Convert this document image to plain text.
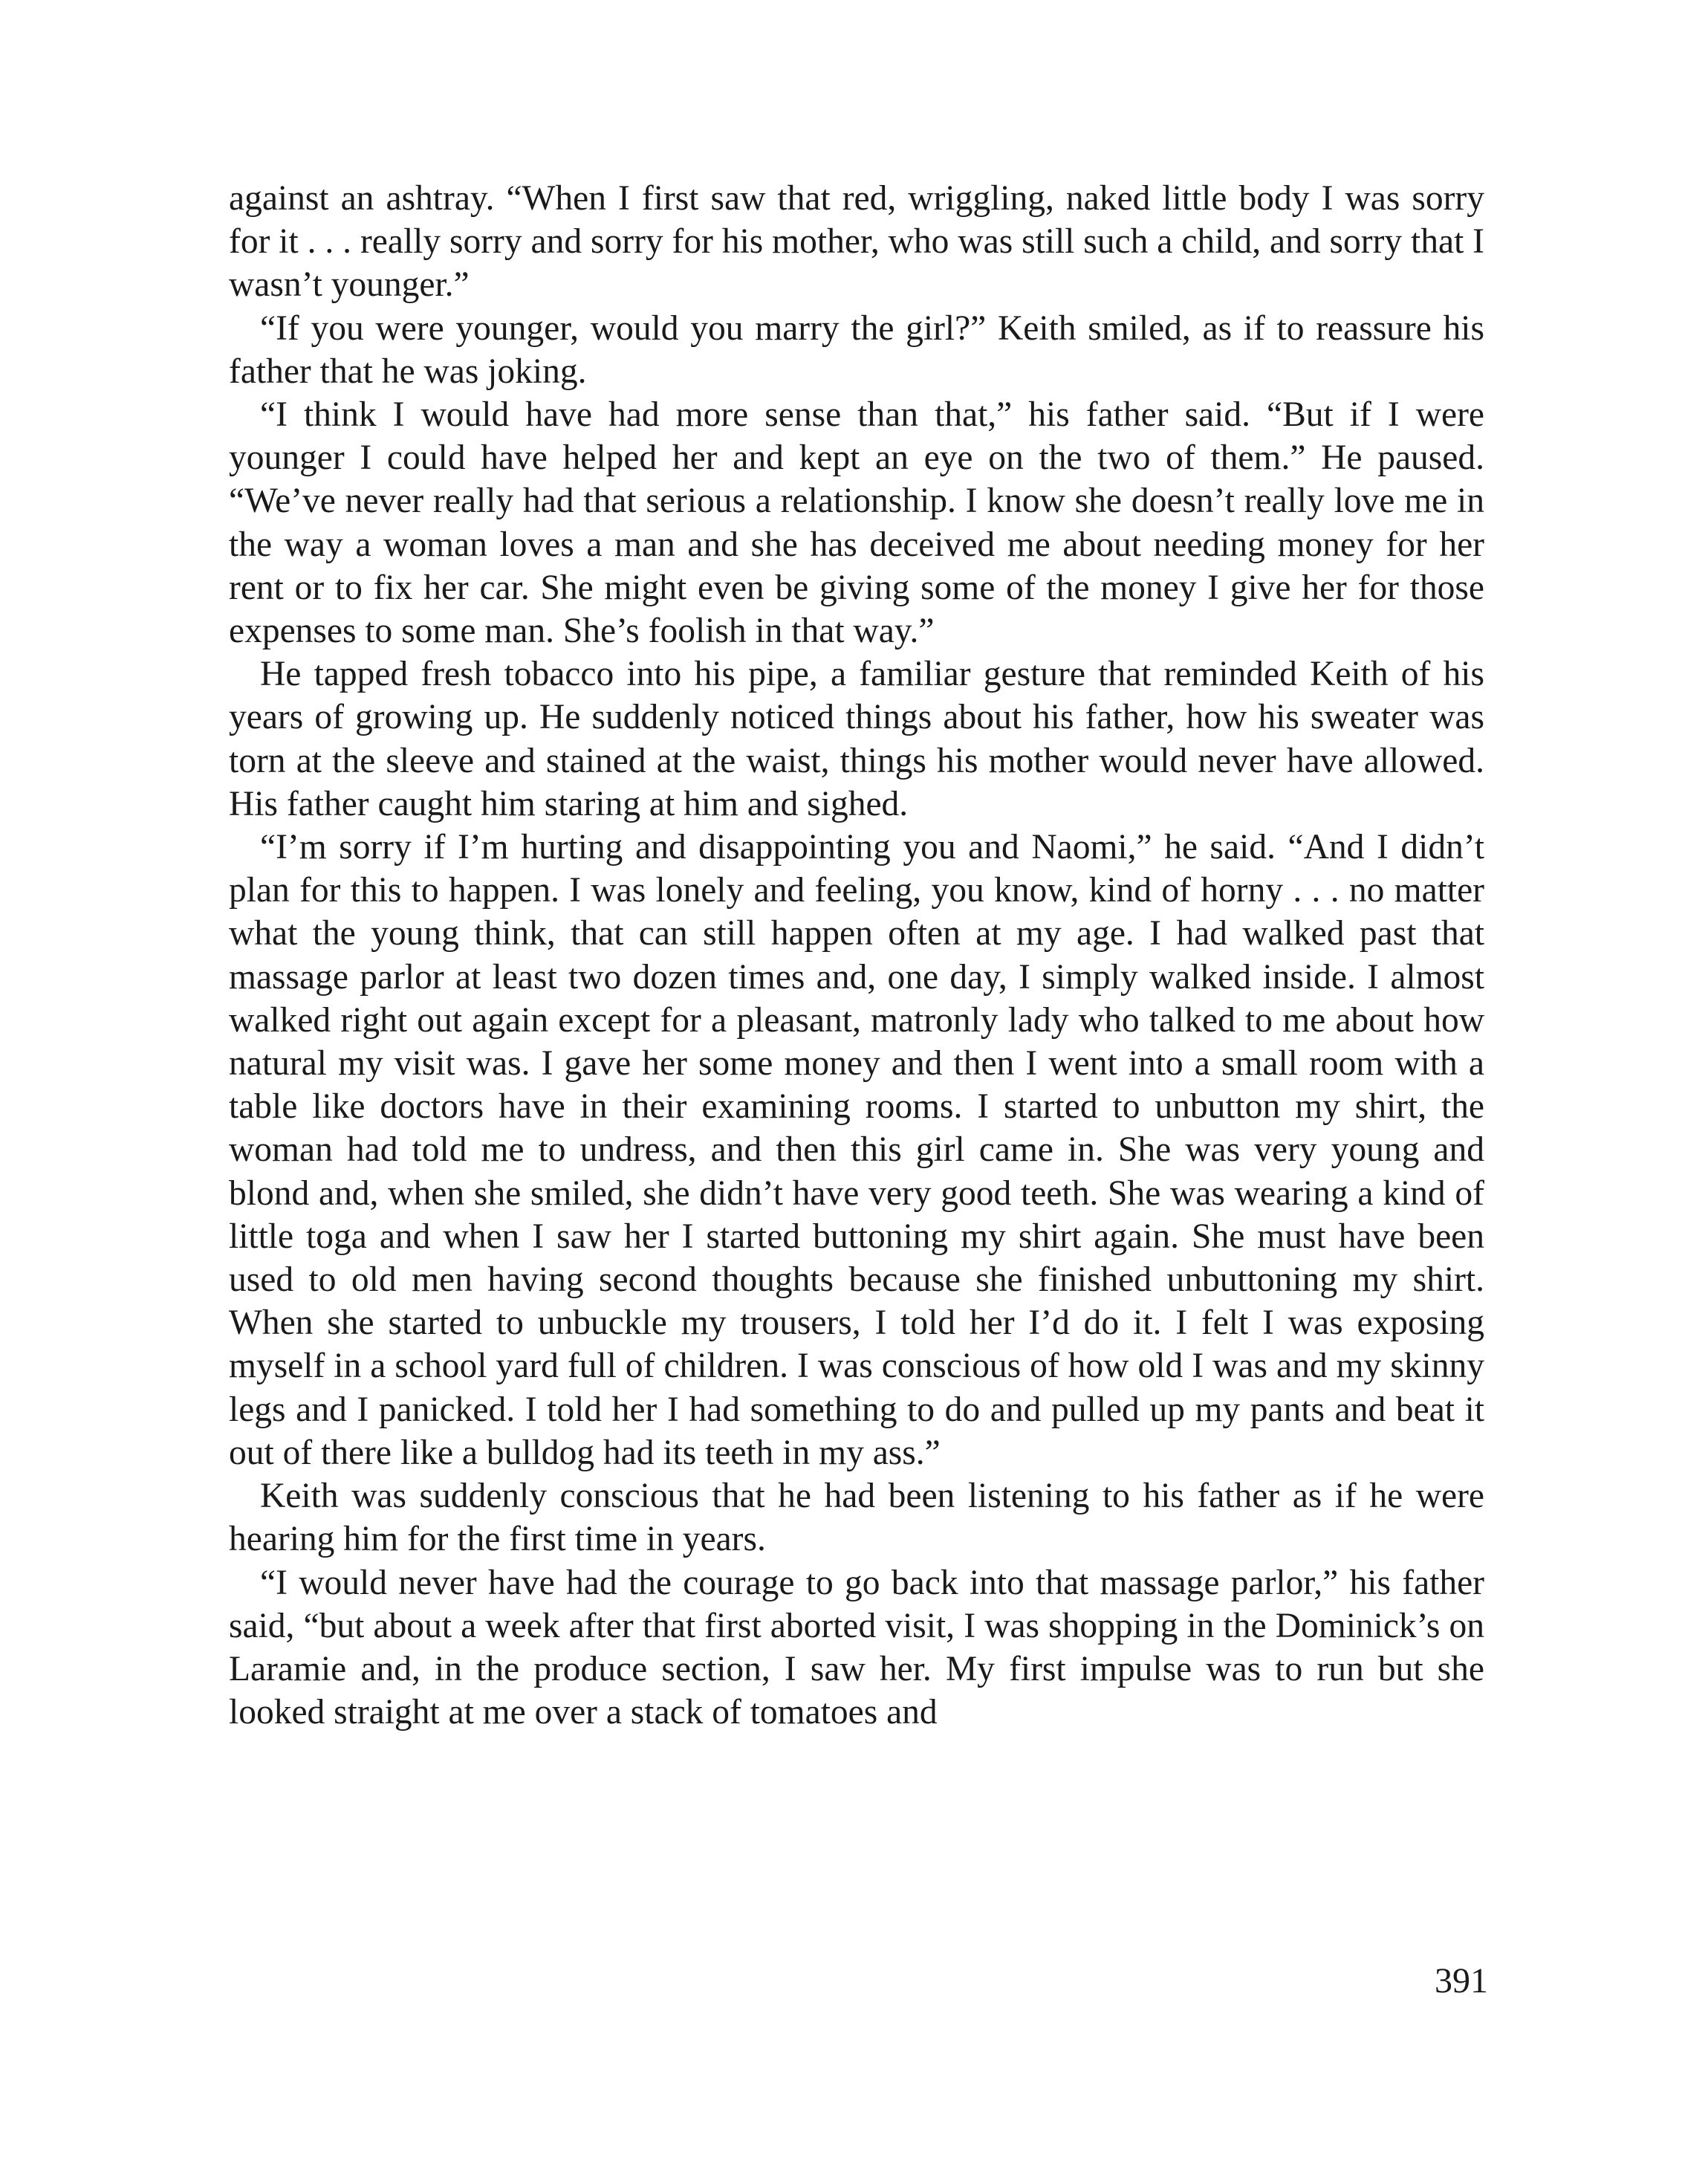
against an ashtray. “When I first saw that red, wriggling, naked little body I was sorry for it . . . really sorry and sorry for his mother, who was still such a child, and sorry that I wasn’t younger.”

“If you were younger, would you marry the girl?” Keith smiled, as if to reassure his father that he was joking.

“I think I would have had more sense than that,” his father said. “But if I were younger I could have helped her and kept an eye on the two of them.” He paused. “We’ve never really had that serious a relationship. I know she doesn’t really love me in the way a woman loves a man and she has deceived me about needing money for her rent or to fix her car. She might even be giving some of the money I give her for those expenses to some man. She’s foolish in that way.”

He tapped fresh tobacco into his pipe, a familiar gesture that reminded Keith of his years of growing up. He suddenly noticed things about his father, how his sweater was torn at the sleeve and stained at the waist, things his mother would never have allowed. His father caught him staring at him and sighed.

“I’m sorry if I’m hurting and disappointing you and Naomi,” he said. “And I didn’t plan for this to happen. I was lonely and feeling, you know, kind of horny . . . no matter what the young think, that can still happen often at my age. I had walked past that massage parlor at least two dozen times and, one day, I simply walked inside. I almost walked right out again except for a pleasant, matronly lady who talked to me about how natural my visit was. I gave her some money and then I went into a small room with a table like doctors have in their examining rooms. I started to unbutton my shirt, the woman had told me to undress, and then this girl came in. She was very young and blond and, when she smiled, she didn’t have very good teeth. She was wearing a kind of little toga and when I saw her I started buttoning my shirt again. She must have been used to old men having second thoughts because she finished unbuttoning my shirt. When she started to unbuckle my trousers, I told her I’d do it. I felt I was exposing myself in a school yard full of children. I was conscious of how old I was and my skinny legs and I panicked. I told her I had something to do and pulled up my pants and beat it out of there like a bulldog had its teeth in my ass.”

Keith was suddenly conscious that he had been listening to his father as if he were hearing him for the first time in years.

“I would never have had the courage to go back into that massage parlor,” his father said, “but about a week after that first aborted visit, I was shopping in the Dominick’s on Laramie and, in the produce section, I saw her. My first impulse was to run but she looked straight at me over a stack of tomatoes and

391
